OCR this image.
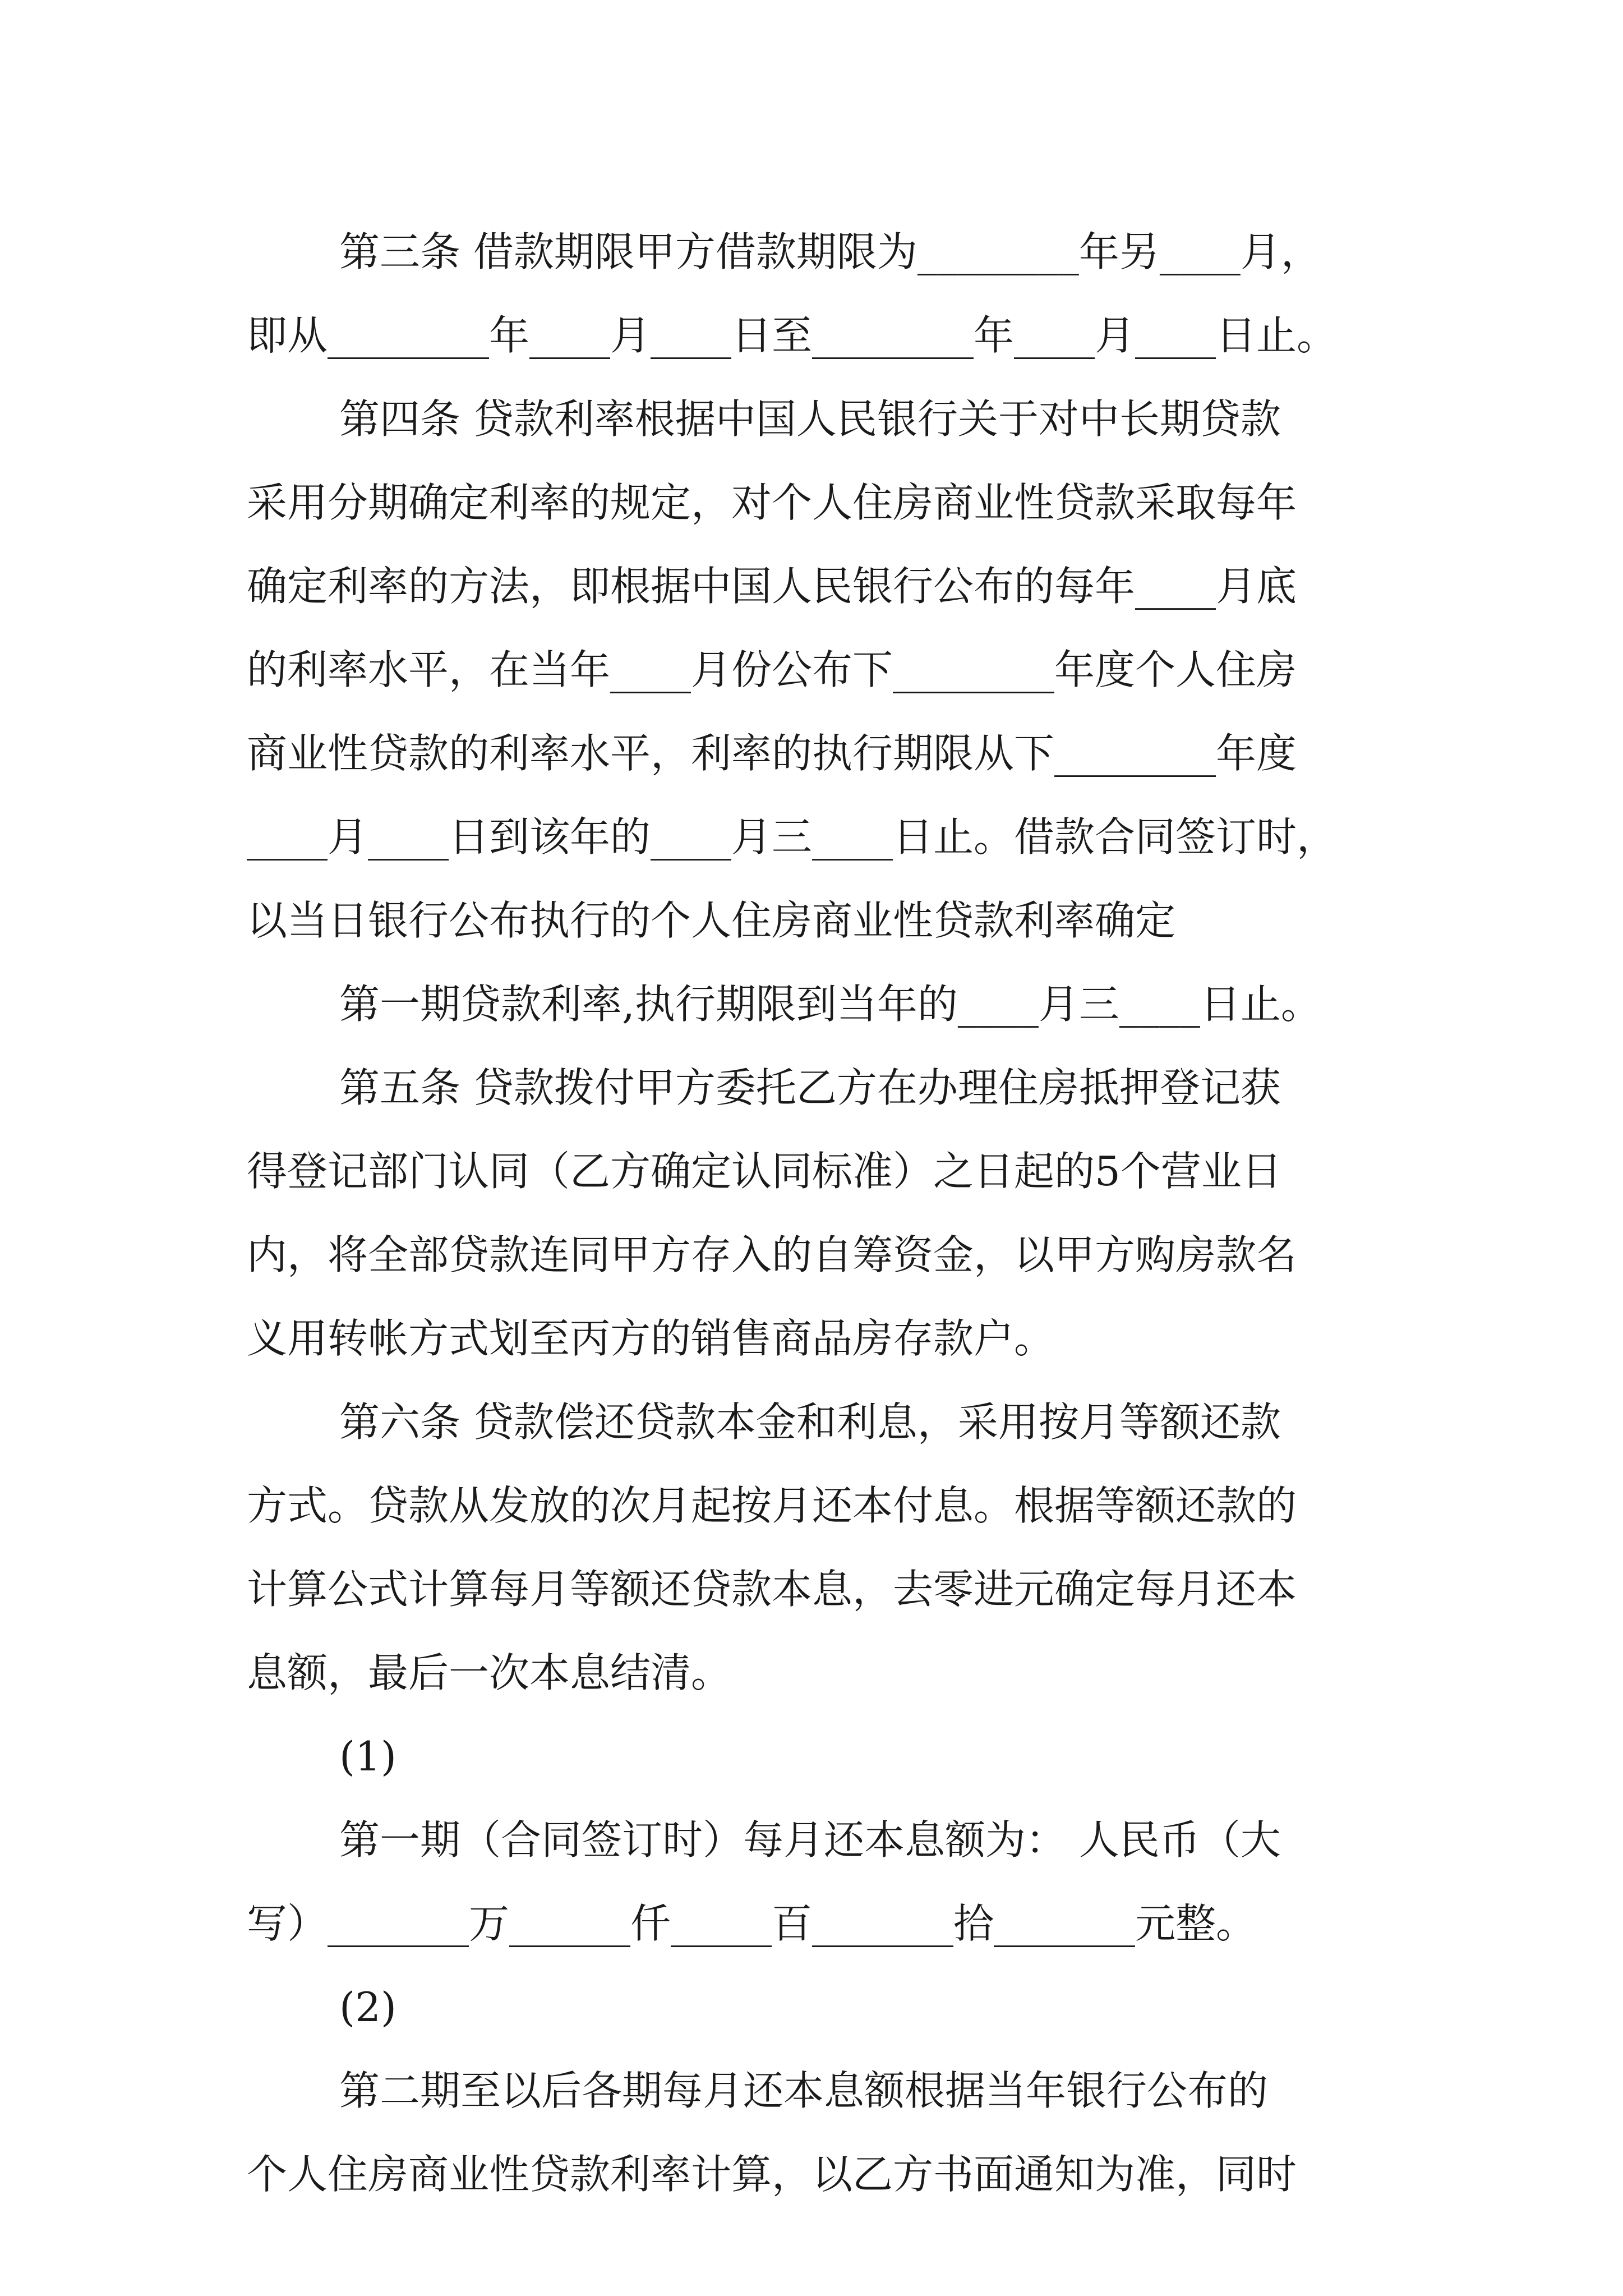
第三条 借款期限甲方借款期限为________年另____月，
即从________年____月____日至________年____月____日止。
第四条 贷款利率根据中国人民银行关于对中长期贷款
采用分期确定利率的规定，对个人住房商业性贷款采取每年
确定利率的方法，即根据中国人民银行公布的每年____月底
的利率水平，在当年____月份公布下________年度个人住房
商业性贷款的利率水平，利率的执行期限从下________年度
____月____日到该年的____月三____日止。借款合同签订时，
以当日银行公布执行的个人住房商业性贷款利率确定
第一期贷款利率,执行期限到当年的____月三____日止。
第五条 贷款拨付甲方委托乙方在办理住房抵押登记获
得登记部门认同（乙方确定认同标准）之日起的5个营业日
内，将全部贷款连同甲方存入的自筹资金，以甲方购房款名
义用转帐方式划至丙方的销售商品房存款户。
第六条 贷款偿还贷款本金和利息，采用按月等额还款
方式。贷款从发放的次月起按月还本付息。根据等额还款的
计算公式计算每月等额还贷款本息，去零进元确定每月还本
息额，最后一次本息结清。
(1)
第一期（合同签订时）每月还本息额为： 人民币（大
写）_______万______仟_____百_______拾_______元整。
(2)
第二期至以后各期每月还本息额根据当年银行公布的
个人住房商业性贷款利率计算，以乙方书面通知为准，同时
